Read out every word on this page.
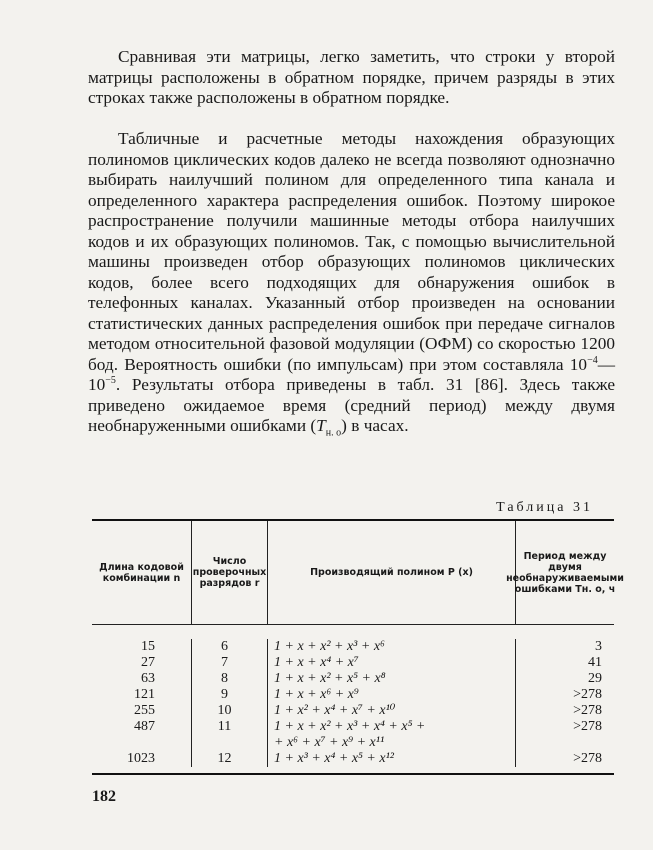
Сравнивая эти матрицы, легко заметить, что строки у второй матрицы расположены в обратном порядке, причем разряды в этих строках также расположены в обратном порядке.

Табличные и расчетные методы нахождения образующих полиномов циклических кодов далеко не всегда позволяют однозначно выбирать наилучший полином для определенного типа канала и определенного характера распределения ошибок. Поэтому широкое распространение получили машинные методы отбора наилучших кодов и их образующих полиномов. Так, с помощью вычислительной машины произведен отбор образующих полиномов циклических кодов, более всего подходящих для обнаружения ошибок в телефонных каналах. Указанный отбор произведен на основании статистических данных распределения ошибок при передаче сигналов методом относительной фазовой модуляции (ОФМ) со скоростью 1200 бод. Вероятность ошибки (по импульсам) при этом составляла $10^{-4}—10^{-5}$. Результаты отбора приведены в табл. 31 [86]. Здесь также приведено ожидаемое время (средний период) между двумя необнаруженными ошибками $(T_{н. о})$ в часах.

Таблица 31
Длина кодовой комбинации n
Число проверочных разрядов r
Производящий полином P (x)
Период между двумя необнаруживаемыми ошибками Tн. о, ч
15
27
63
121
255
487
1023
6
7
8
9
10
11
12
1 + x + x² + x³ + x⁶
1 + x + x⁴ + x⁷
1 + x + x² + x⁵ + x⁸
1 + x + x⁶ + x⁹
1 + x² + x⁴ + x⁷ + x¹⁰
1 + x + x² + x³ + x⁴ + x⁵ +
+ x⁶ + x⁷ + x⁹ + x¹¹
1 + x³ + x⁴ + x⁵ + x¹²
3
41
29
>278
>278
>278
>278
182
